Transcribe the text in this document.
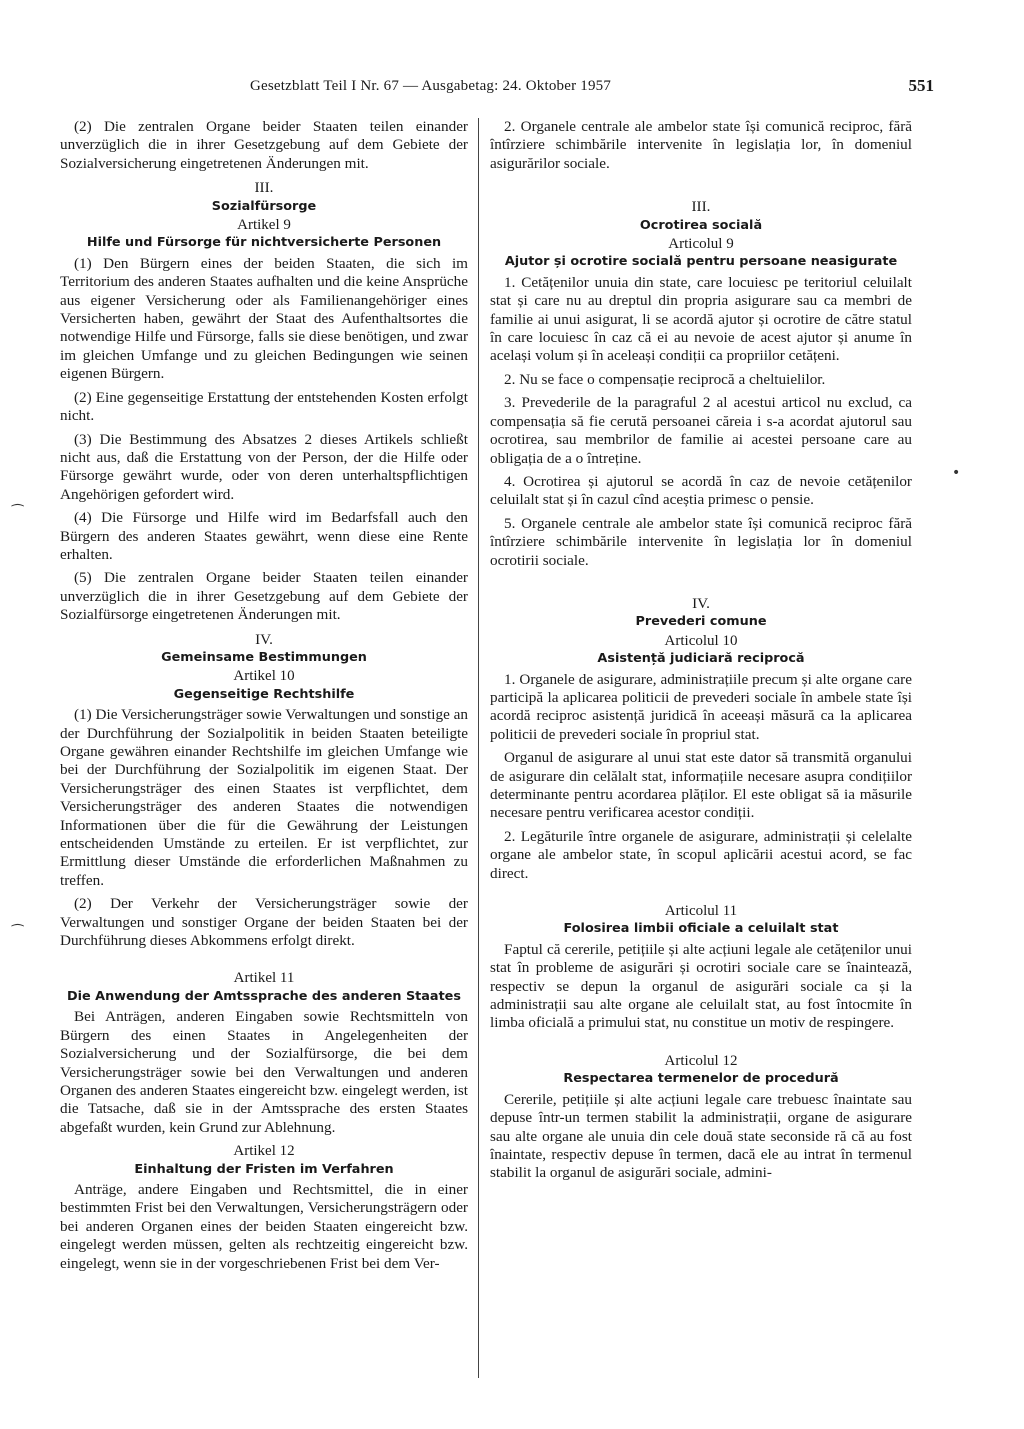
Gesetzblatt Teil I Nr. 67 — Ausgabetag: 24. Oktober 1957	551

(2) Die zentralen Organe beider Staaten teilen einander unverzüglich die in ihrer Gesetzgebung auf dem Gebiete der Sozialversicherung eingetretenen Änderungen mit.

III.
Sozialfürsorge
Artikel 9
Hilfe und Fürsorge für nichtversicherte Personen

(1) Den Bürgern eines der beiden Staaten, die sich im Territorium des anderen Staates aufhalten und die keine Ansprüche aus eigener Versicherung oder als Familienangehöriger eines Versicherten haben, gewährt der Staat des Aufenthaltsortes die notwendige Hilfe und Fürsorge, falls sie diese benötigen, und zwar im gleichen Umfange und zu gleichen Bedingungen wie seinen eigenen Bürgern.

(2) Eine gegenseitige Erstattung der entstehenden Kosten erfolgt nicht.

(3) Die Bestimmung des Absatzes 2 dieses Artikels schließt nicht aus, daß die Erstattung von der Person, der die Hilfe oder Fürsorge gewährt wurde, oder von deren unterhaltspflichtigen Angehörigen gefordert wird.

(4) Die Fürsorge und Hilfe wird im Bedarfsfall auch den Bürgern des anderen Staates gewährt, wenn diese eine Rente erhalten.

(5) Die zentralen Organe beider Staaten teilen einander unverzüglich die in ihrer Gesetzgebung auf dem Gebiete der Sozialfürsorge eingetretenen Änderungen mit.

IV.
Gemeinsame Bestimmungen
Artikel 10
Gegenseitige Rechtshilfe

(1) Die Versicherungsträger sowie Verwaltungen und sonstige an der Durchführung der Sozialpolitik in beiden Staaten beteiligte Organe gewähren einander Rechtshilfe im gleichen Umfange wie bei der Durchführung der Sozialpolitik im eigenen Staat. Der Versicherungsträger des einen Staates ist verpflichtet, dem Versicherungsträger des anderen Staates die notwendigen Informationen über die für die Gewährung der Leistungen entscheidenden Umstände zu erteilen. Er ist verpflichtet, zur Ermittlung dieser Umstände die erforderlichen Maßnahmen zu treffen.

(2) Der Verkehr der Versicherungsträger sowie der Verwaltungen und sonstiger Organe der beiden Staaten bei der Durchführung dieses Abkommens erfolgt direkt.

Artikel 11
Die Anwendung der Amtssprache des anderen Staates

Bei Anträgen, anderen Eingaben sowie Rechtsmitteln von Bürgern des einen Staates in Angelegenheiten der Sozialversicherung und der Sozialfürsorge, die bei dem Versicherungsträger sowie bei den Verwaltungen und anderen Organen des anderen Staates eingereicht bzw. eingelegt werden, ist die Tatsache, daß sie in der Amtssprache des ersten Staates abgefaßt wurden, kein Grund zur Ablehnung.

Artikel 12
Einhaltung der Fristen im Verfahren

Anträge, andere Eingaben und Rechtsmittel, die in einer bestimmten Frist bei den Verwaltungen, Versicherungsträgern oder bei anderen Organen eines der beiden Staaten eingereicht bzw. eingelegt werden müssen, gelten als rechtzeitig eingereicht bzw. eingelegt, wenn sie in der vorgeschriebenen Frist bei dem Ver-

2. Organele centrale ale ambelor state își comunică reciproc, fără întîrziere schimbările intervenite în legislația lor, în domeniul asigurărilor sociale.

III.
Ocrotirea socială
Articolul 9
Ajutor și ocrotire socială pentru persoane neasigurate

1. Cetățenilor unuia din state, care locuiesc pe teritoriul celuilalt stat și care nu au dreptul din propria asigurare sau ca membri de familie ai unui asigurat, li se acordă ajutor și ocrotire de către statul în care locuiesc în caz că ei au nevoie de acest ajutor și anume în același volum și în aceleași condiții ca propriilor cetățeni.

2. Nu se face o compensație reciprocă a cheltuielilor.

3. Prevederile de la paragraful 2 al acestui articol nu exclud, ca compensația să fie cerută persoanei căreia i s-a acordat ajutorul sau ocrotirea, sau membrilor de familie ai acestei persoane care au obligația de a o întreține.

4. Ocrotirea și ajutorul se acordă în caz de nevoie cetățenilor celuilalt stat și în cazul cînd aceștia primesc o pensie.

5. Organele centrale ale ambelor state își comunică reciproc fără întîrziere schimbările intervenite în legislația lor în domeniul ocrotirii sociale.

IV.
Prevederi comune
Articolul 10
Asistență judiciară reciprocă

1. Organele de asigurare, administrațiile precum și alte organe care participă la aplicarea politicii de prevederi sociale în ambele state își acordă reciproc asistență juridică în aceeași măsură ca la aplicarea politicii de prevederi sociale în propriul stat.

Organul de asigurare al unui stat este dator să transmită organului de asigurare din celălalt stat, informațiile necesare asupra condițiilor determinante pentru acordarea plăților. El este obligat să ia măsurile necesare pentru verificarea acestor condiții.

2. Legăturile între organele de asigurare, administrații și celelalte organe ale ambelor state, în scopul aplicării acestui acord, se fac direct.

Articolul 11
Folosirea limbii oficiale a celuilalt stat

Faptul că cererile, petițiile și alte acțiuni legale ale cetățenilor unui stat în probleme de asigurări și ocrotiri sociale care se înaintează, respectiv se depun la organul de asigurări sociale ca și la administrații sau alte organe ale celuilalt stat, au fost întocmite în limba oficială a primului stat, nu constitue un motiv de respingere.

Articolul 12
Respectarea termenelor de procedură

Cererile, petițiile și alte acțiuni legale care trebuesc înaintate sau depuse într-un termen stabilit la administrații, organe de asigurare sau alte organe ale unuia din cele două state seconside ră că au fost înaintate, respectiv depuse în termen, dacă ele au intrat în termenul stabilit la organul de asigurări sociale, admini-

⁀
⁀
•
